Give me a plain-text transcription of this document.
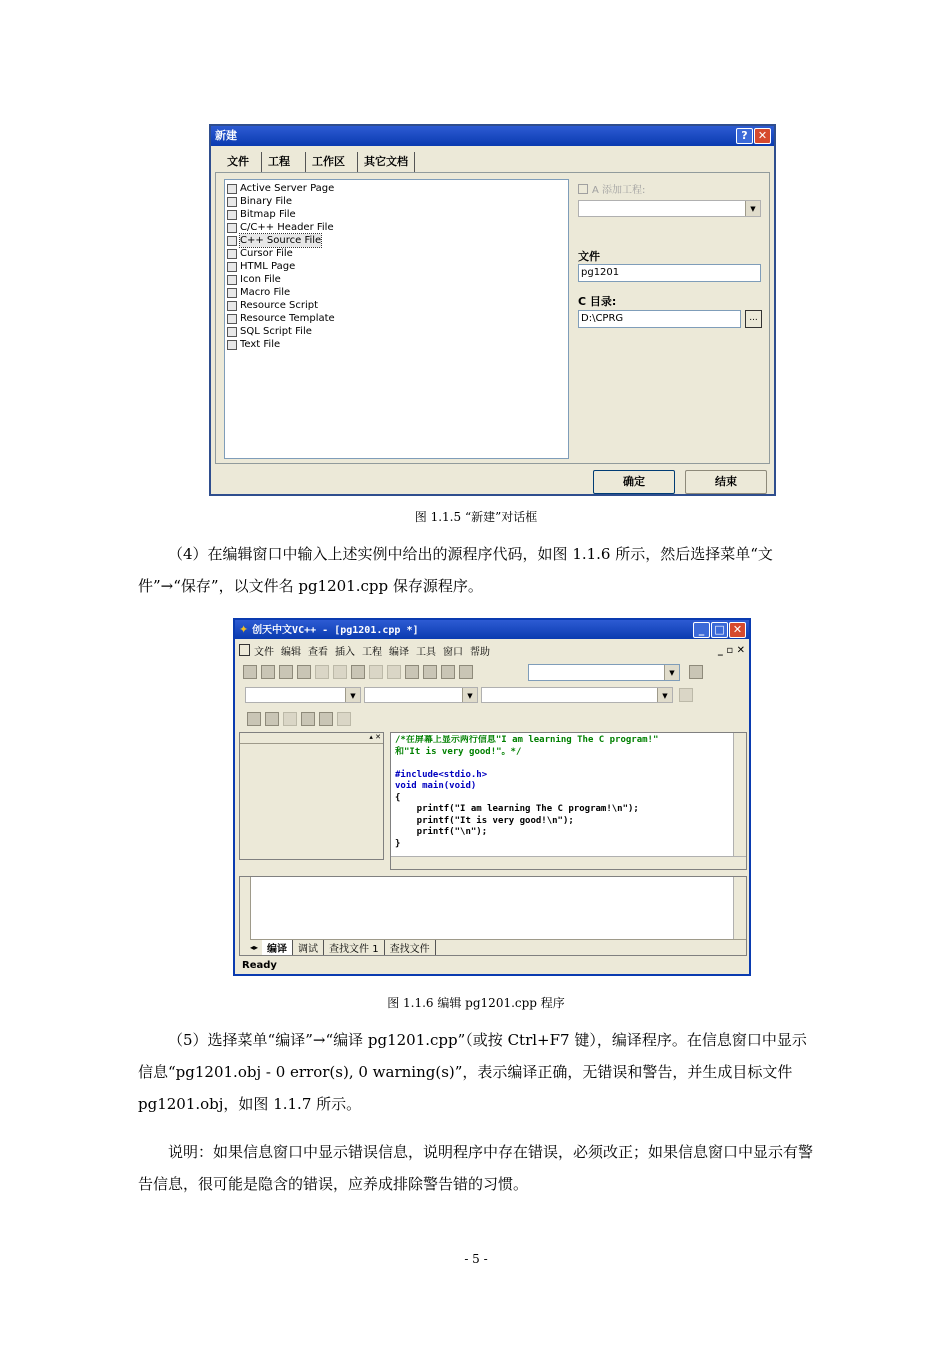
新建	? ✕
文件	工程	工作区	其它文档
Active Server Page
Binary File
Bitmap File
C/C++ Header File
C++ Source File
Cursor File
HTML Page
Icon File
Macro File
Resource Script
Resource Template
SQL Script File
Text File
A 添加工程:
▼
文件
pg1201
C 目录:
D:\CPRG	...
确定	结束
图 1.1.5 “新建”对话框
（4）在编辑窗口中输入上述实例中给出的源程序代码，如图 1.1.6 所示，然后选择菜单“文件”→“保存”，以文件名 pg1201.cpp 保存源程序。
✦ 创天中文VC++ - [pg1201.cpp *]	_ □ ✕
文件 编辑 查看 插入 工程 编译 工具 窗口 帮助	_ ▫ ✕
▼
▼	▼	▼
▴ ✕ /*在屏幕上显示两行信息"I am learning The C program!"
和"It is very good!"。*/
#include<stdio.h>
void main(void)
{
printf("I am learning The C program!\n");
printf("It is very good!\n");
printf("\n");
}
◂▸ 编译	调试	查找文件 1	查找文件
Ready
图 1.1.6 编辑 pg1201.cpp 程序
（5）选择菜单“编译”→“编译 pg1201.cpp”（或按 Ctrl+F7 键），编译程序。在信息窗口中显示信息“pg1201.obj - 0 error(s), 0 warning(s)”，表示编译正确，无错误和警告，并生成目标文件 pg1201.obj，如图 1.1.7 所示。
说明：如果信息窗口中显示错误信息，说明程序中存在错误，必须改正；如果信息窗口中显示有警告信息，很可能是隐含的错误，应养成排除警告错的习惯。
- 5 -
